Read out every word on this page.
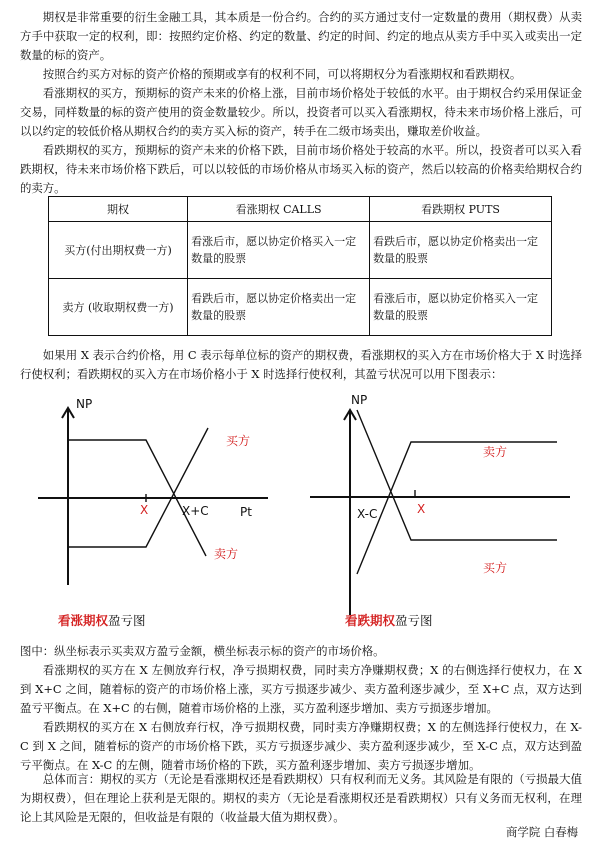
期权是非常重要的衍生金融工具，其本质是一份合约。合约的买方通过支付一定数量的费用（期权费）从卖方手中获取一定的权利，即：按照约定价格、约定的数量、约定的时间、约定的地点从卖方手中买入或卖出一定数量的标的资产。

按照合约买方对标的资产价格的预期或享有的权利不同，可以将期权分为看涨期权和看跌期权。

看涨期权的买方，预期标的资产未来的价格上涨，目前市场价格处于较低的水平。由于期权合约采用保证金交易，同样数量的标的资产使用的资金数量较少。所以，投资者可以买入看涨期权，待未来市场价格上涨后，可以以约定的较低价格从期权合约的卖方买入标的资产，转手在二级市场卖出，赚取差价收益。

看跌期权的买方，预期标的资产未来的价格下跌，目前市场价格处于较高的水平。所以，投资者可以买入看跌期权，待未来市场价格下跌后，可以以较低的市场价格从市场买入标的资产，然后以较高的价格卖给期权合约的卖方。

期权	看涨期权 CALLS	看跌期权 PUTS
买方(付出期权费一方)	看涨后市，愿以协定价格买入一定数量的股票	看跌后市，愿以协定价格卖出一定数量的股票
卖方 (收取期权费一方)	看跌后市，愿以协定价格卖出一定数量的股票	看涨后市，愿以协定价格买入一定数量的股票

如果用 X 表示合约价格，用 C 表示每单位标的资产的期权费，看涨期权的买入方在市场价格大于 X 时选择行使权利；看跌期权的买入方在市场价格小于 X 时选择行使权利，其盈亏状况可以用下图表示：

NP
Pt
X	X+C
买方
卖方
看涨期权盈亏图
NP
X
X-C
卖方
买方
看跌期权盈亏图

图中：纵坐标表示买卖双方盈亏金额，横坐标表示标的资产的市场价格。

看涨期权的买方在 X 左侧放弃行权，净亏损期权费，同时卖方净赚期权费；X 的右侧选择行使权力，在 X 到 X+C 之间，随着标的资产的市场价格上涨，买方亏损逐步减少、卖方盈利逐步减少，至 X+C 点，双方达到盈亏平衡点。在 X+C 的右侧，随着市场价格的上涨，买方盈利逐步增加、卖方亏损逐步增加。

看跌期权的买方在 X 右侧放弃行权，净亏损期权费，同时卖方净赚期权费；X 的左侧选择行使权力，在 X-C 到 X 之间，随着标的资产的市场价格下跌，买方亏损逐步减少、卖方盈利逐步减少，至 X-C 点，双方达到盈亏平衡点。在 X-C 的左侧，随着市场价格的下跌，买方盈利逐步增加、卖方亏损逐步增加。

总体而言：期权的买方（无论是看涨期权还是看跌期权）只有权利而无义务。其风险是有限的（亏损最大值为期权费），但在理论上获利是无限的。期权的卖方（无论是看涨期权还是看跌期权）只有义务而无权利，在理论上其风险是无限的，但收益是有限的（收益最大值为期权费）。

商学院 白春梅
